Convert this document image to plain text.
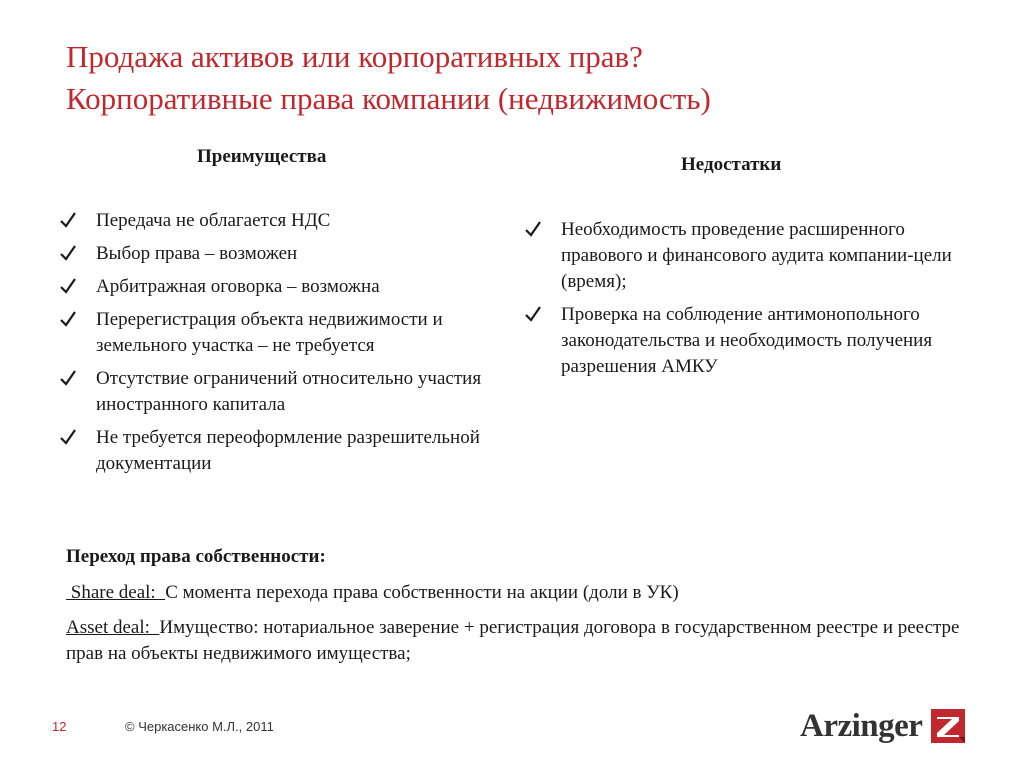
Продажа активов или корпоративных прав?
Корпоративные права компании (недвижимость)
Преимущества	Недостатки
Передача не облагается НДС
Выбор права – возможен
Арбитражная оговорка – возможна
Перерегистрация объекта недвижимости и земельного участка – не требуется
Отсутствие ограничений относительно участия иностранного капитала
Не требуется переоформление разрешительной документации
Необходимость проведение расширенного правового и финансового аудита компании-цели (время);
Проверка на соблюдение антимонопольного законодательства и необходимость получения разрешения АМКУ
Переход права собственности:

Share deal:  С момента перехода права собственности на акции (доли в УК)

Asset deal:  Имущество: нотариальное заверение + регистрация договора в государственном реестре и реестре прав на объекты недвижимого имущества;

12	© Черкасенко М.Л., 2011	Arzinger
